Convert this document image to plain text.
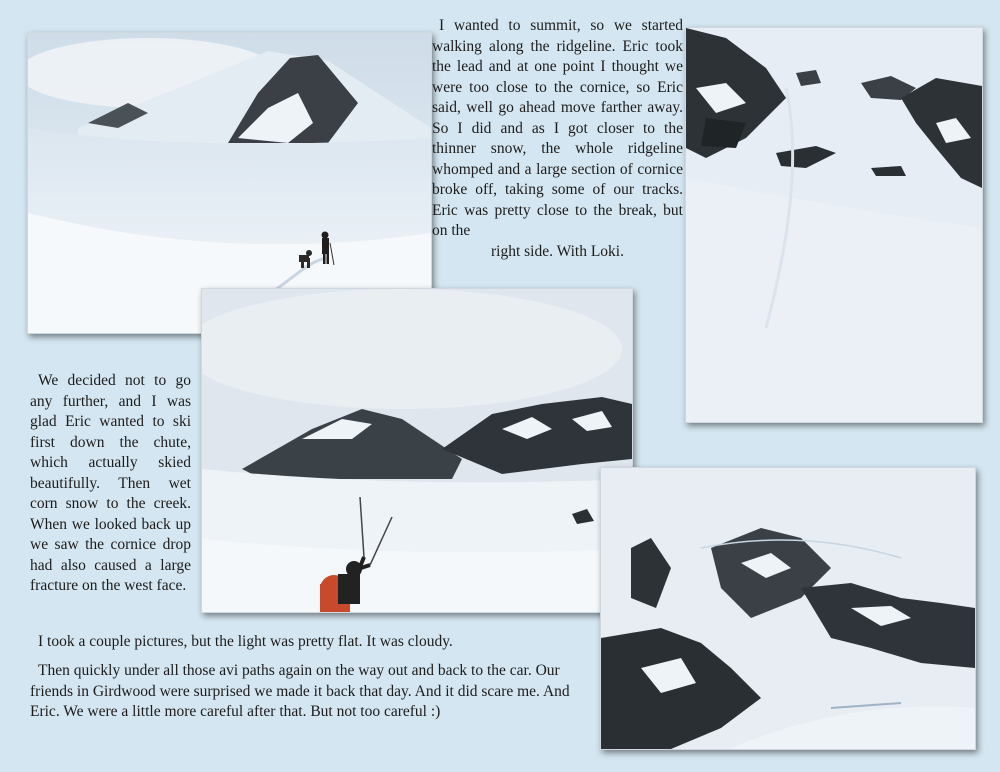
I wanted to summit, so we started walking along the ridgeline. Eric took the lead and at one point I thought we were too close to the cornice, so Eric said, well go ahead move farther away. So I did and as I got closer to the thinner snow, the whole ridgeline whomped and a large section of cornice broke off, taking some of our tracks. Eric was pretty close to the break, but on the

right side. With Loki.

We decided not to go any further, and I was glad Eric wanted to ski first down the chute, which actually skied beautifully. Then wet corn snow to the creek. When we looked back up we saw the cornice drop had also caused a large fracture on the west face.

I took a couple pictures, but the light was pretty flat. It was cloudy.

Then quickly under all those avi paths again on the way out and back to the car. Our friends in Girdwood were surprised we made it back that day. And it did scare me. And Eric. We were a little more careful after that. But not too careful :)
